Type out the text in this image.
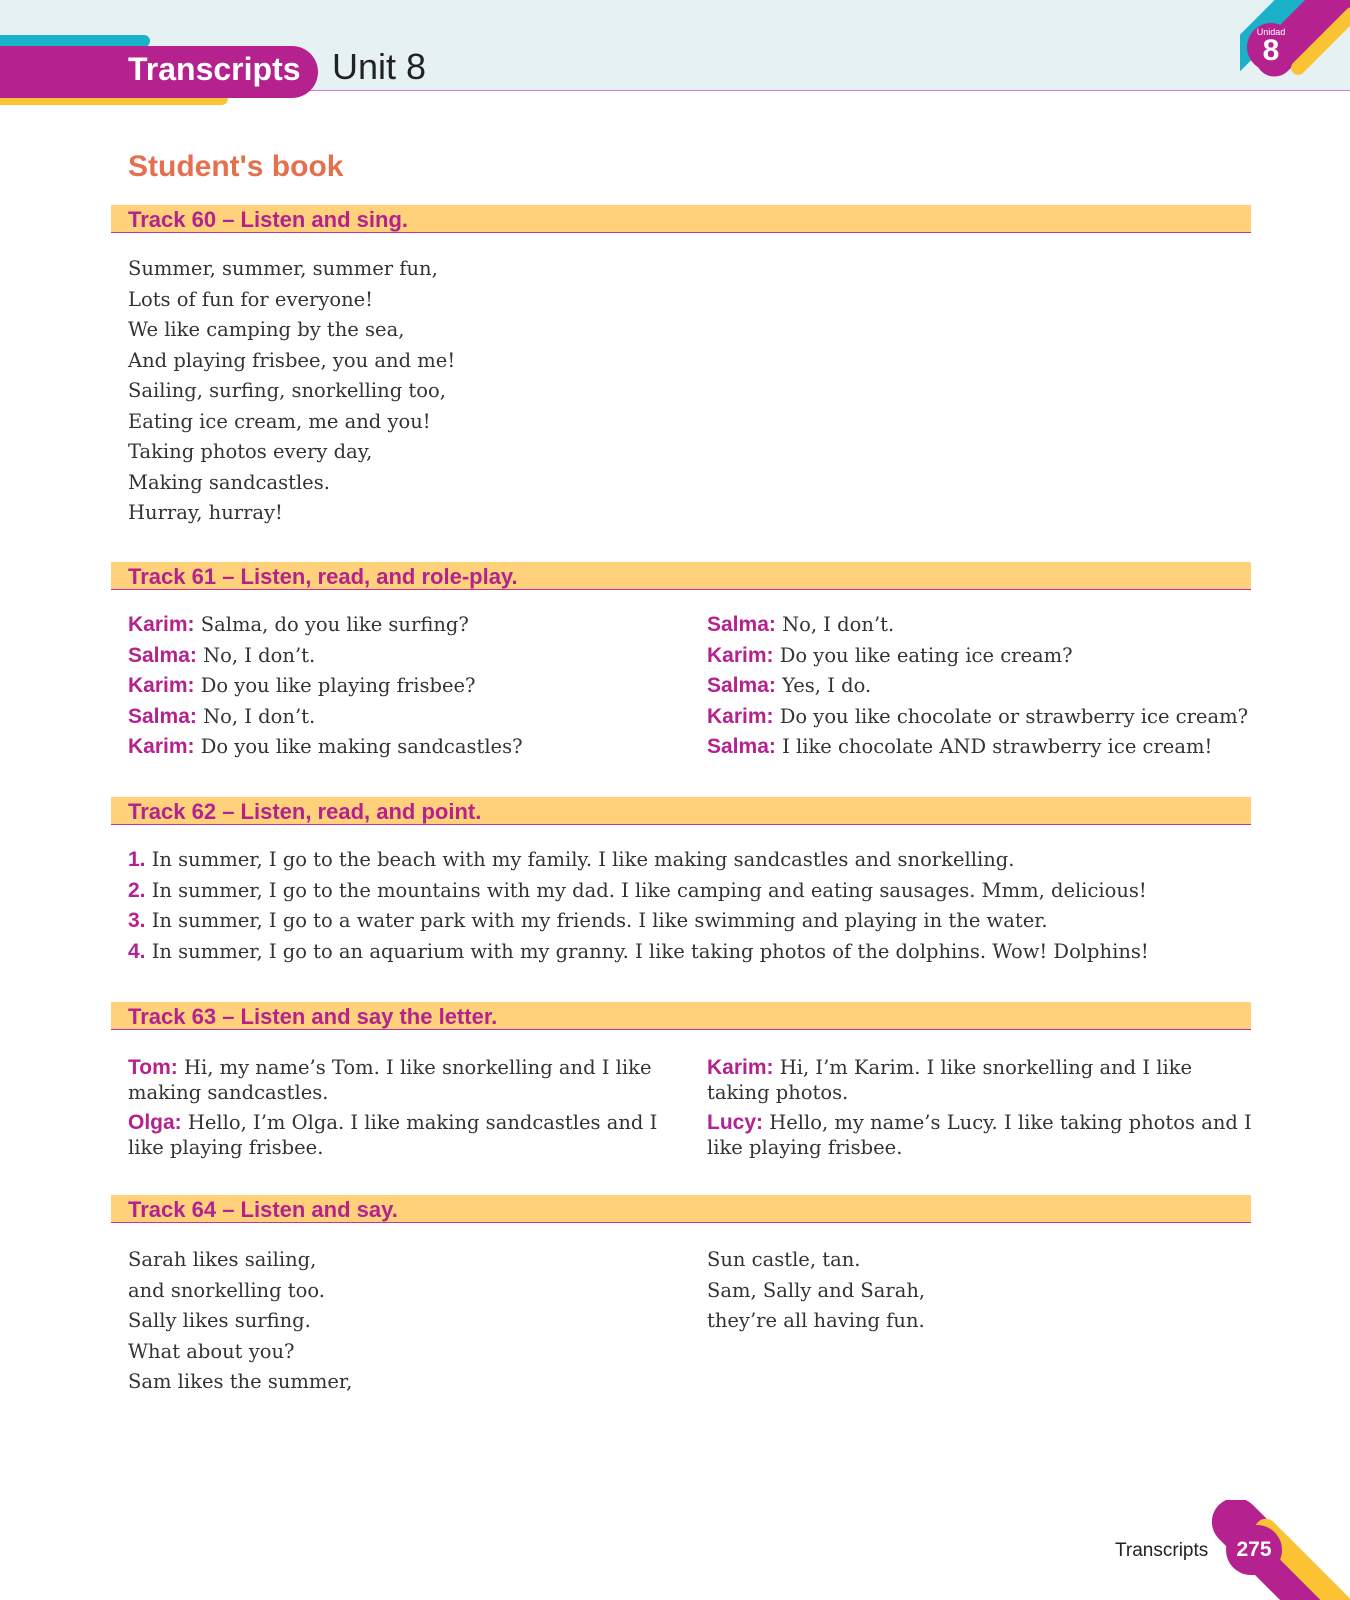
Transcripts Unit 8
Unidad
8
Student's book
Track 60 – Listen and sing.
Summer, summer, summer fun,
Lots of fun for everyone!
We like camping by the sea,
And playing frisbee, you and me!
Sailing, surfing, snorkelling too,
Eating ice cream, me and you!
Taking photos every day,
Making sandcastles.
Hurray, hurray!
Track 61 – Listen, read, and role-play.
Karim: Salma, do you like surfing?
Salma: No, I don’t.
Karim: Do you like playing frisbee?
Salma: No, I don’t.
Karim: Do you like making sandcastles?
Salma: No, I don’t.
Karim: Do you like eating ice cream?
Salma: Yes, I do.
Karim: Do you like chocolate or strawberry ice cream?
Salma: I like chocolate AND strawberry ice cream!
Track 62 – Listen, read, and point.
1. In summer, I go to the beach with my family. I like making sandcastles and snorkelling.
2. In summer, I go to the mountains with my dad. I like camping and eating sausages. Mmm, delicious!
3. In summer, I go to a water park with my friends. I like swimming and playing in the water.
4. In summer, I go to an aquarium with my granny. I like taking photos of the dolphins. Wow! Dolphins!
Track 63 – Listen and say the letter.
Tom: Hi, my name’s Tom. I like snorkelling and I like making sandcastles.
Olga: Hello, I’m Olga. I like making sandcastles and I like playing frisbee.
Karim: Hi, I’m Karim. I like snorkelling and I like taking photos.
Lucy: Hello, my name’s Lucy. I like taking photos and I like playing frisbee.
Track 64 – Listen and say.
Sarah likes sailing,
and snorkelling too.
Sally likes surfing.
What about you?
Sam likes the summer,
Sun castle, tan.
Sam, Sally and Sarah,
they’re all having fun.
Transcripts	275
